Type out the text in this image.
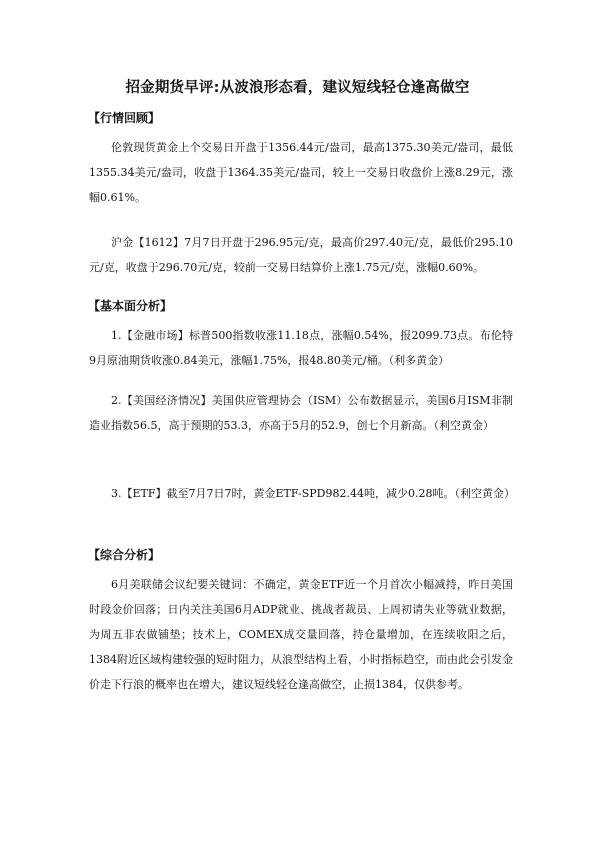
招金期货早评:从波浪形态看，建议短线轻仓逢高做空
【行情回顾】

伦敦现货黄金上个交易日开盘于1356.44元/盎司，最高1375.30美元/盎司，最低1355.34美元/盎司，收盘于1364.35美元/盎司，较上一交易日收盘价上涨8.29元，涨幅0.61%。

沪金【1612】7月7日开盘于296.95元/克，最高价297.40元/克，最低价295.10元/克，收盘于296.70元/克，较前一交易日结算价上涨1.75元/克，涨幅0.60%。

【基本面分析】

1.【金融市场】标普500指数收涨11.18点，涨幅0.54%，报2099.73点。布伦特9月原油期货收涨0.84美元，涨幅1.75%，报48.80美元/桶。（利多黄金）

2.【美国经济情况】美国供应管理协会（ISM）公布数据显示，美国6月ISM非制造业指数56.5，高于预期的53.3，亦高于5月的52.9，创七个月新高。（利空黄金）

3.【ETF】截至7月7日7时，黄金ETF-SPD982.44吨，减少0.28吨。（利空黄金）

【综合分析】

6月美联储会议纪要关键词：不确定，黄金ETF近一个月首次小幅减持，昨日美国时段金价回落；日内关注美国6月ADP就业、挑战者裁员、上周初请失业等就业数据，为周五非农做铺垫；技术上，COMEX成交量回落，持仓量增加，在连续收阳之后，1384附近区域构建较强的短时阻力，从浪型结构上看，小时指标趋空，而由此会引发金价走下行浪的概率也在增大，建议短线轻仓逢高做空，止损1384，仅供参考。
